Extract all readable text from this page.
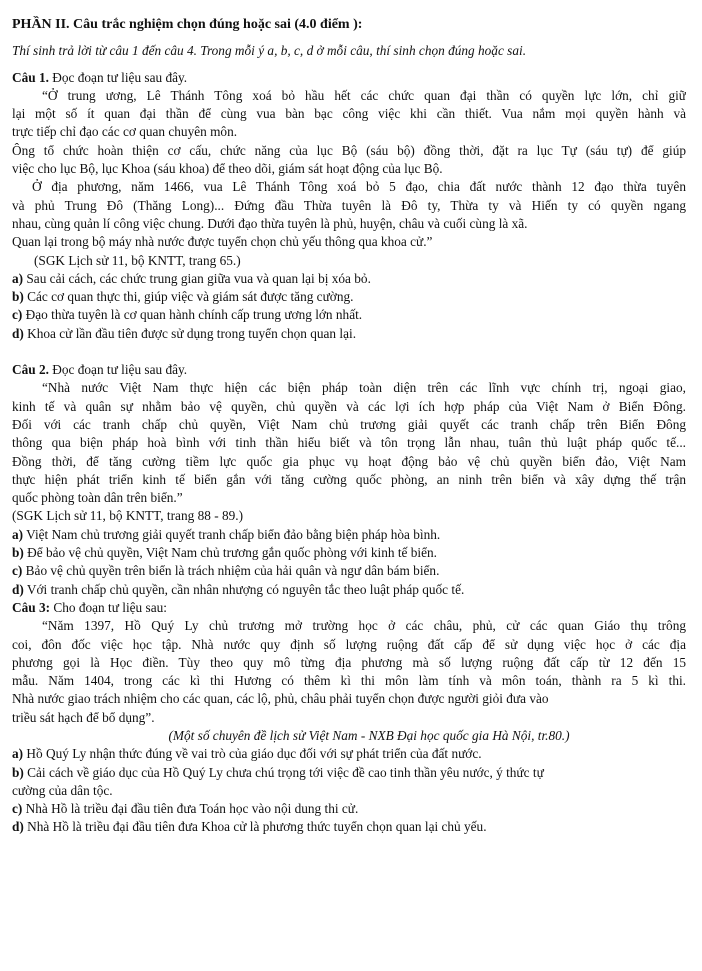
PHẦN II. Câu trắc nghiệm chọn đúng hoặc sai (4.0 điểm ):
Thí sinh trả lời từ câu 1 đến câu 4. Trong mỗi ý a, b, c, d ở mỗi câu, thí sinh chọn đúng hoặc sai.
Câu 1. Đọc đoạn tư liệu sau đây.
“Ở trung ương, Lê Thánh Tông xoá bỏ hầu hết các chức quan đại thần có quyền lực lớn, chỉ giữ
lại một số ít quan đại thần để cùng vua bàn bạc công việc khi cần thiết. Vua nắm mọi quyền hành và
trực tiếp chỉ đạo các cơ quan chuyên môn.
Ông tổ chức hoàn thiện cơ cấu, chức năng của lục Bộ (sáu bộ) đồng thời, đặt ra lục Tự (sáu tự) để giúp
việc cho lục Bộ, lục Khoa (sáu khoa) để theo dõi, giám sát hoạt động của lục Bộ.
Ở địa phương, năm 1466, vua Lê Thánh Tông xoá bỏ 5 đạo, chia đất nước thành 12 đạo thừa tuyên
và phủ Trung Đô (Thăng Long)... Đứng đầu Thừa tuyên là Đô ty, Thừa ty và Hiến ty có quyền ngang
nhau, cùng quản lí công việc chung. Dưới đạo thừa tuyên là phủ, huyện, châu và cuối cùng là xã.
Quan lại trong bộ máy nhà nước được tuyển chọn chủ yếu thông qua khoa cử.”
(SGK Lịch sử 11, bộ KNTT, trang 65.)
a) Sau cải cách, các chức trung gian giữa vua và quan lại bị xóa bỏ.
b) Các cơ quan thực thi, giúp việc và giám sát được tăng cường.
c) Đạo thừa tuyên là cơ quan hành chính cấp trung ương lớn nhất.
d) Khoa cử lần đầu tiên được sử dụng trong tuyển chọn quan lại.
Câu 2. Đọc đoạn tư liệu sau đây.
“Nhà nước Việt Nam thực hiện các biện pháp toàn diện trên các lĩnh vực chính trị, ngoại giao,
kinh tế và quân sự nhằm bảo vệ quyền, chủ quyền và các lợi ích hợp pháp của Việt Nam ở Biển Đông.
Đối với các tranh chấp chủ quyền, Việt Nam chủ trương giải quyết các tranh chấp trên Biển Đông
thông qua biện pháp hoà bình với tinh thần hiểu biết và tôn trọng lẫn nhau, tuân thủ luật pháp quốc tế...
Đồng thời, để tăng cường tiềm lực quốc gia phục vụ hoạt động bảo vệ chủ quyền biển đảo, Việt Nam
thực hiện phát triển kinh tế biển gắn với tăng cường quốc phòng, an ninh trên biển và xây dựng thế trận
quốc phòng toàn dân trên biển.”
(SGK Lịch sử 11, bộ KNTT, trang 88 - 89.)
a) Việt Nam chủ trương giải quyết tranh chấp biển đảo bằng biện pháp hòa bình.
b) Để bảo vệ chủ quyền, Việt Nam chủ trương gắn quốc phòng với kinh tế biển.
c) Bảo vệ chủ quyền trên biển là trách nhiệm của hải quân và ngư dân bám biển.
d) Với tranh chấp chủ quyền, cần nhân nhượng có nguyên tắc theo luật pháp quốc tế.
Câu 3: Cho đoạn tư liệu sau:
“Năm 1397, Hồ Quý Ly chủ trương mở trường học ở các châu, phủ, cử các quan Giáo thụ trông
coi, đôn đốc việc học tập. Nhà nước quy định số lượng ruộng đất cấp để sử dụng việc học ở các địa
phương gọi là Học điền. Tùy theo quy mô từng địa phương mà số lượng ruộng đất cấp từ 12 đến 15
mẫu. Năm 1404, trong các kì thi Hương có thêm kì thi môn làm tính và môn toán, thành ra 5 kì thi.
Nhà nước giao trách nhiệm cho các quan, các lộ, phủ, châu phải tuyển chọn được người giỏi đưa vào
triều sát hạch để bổ dụng”.
(Một số chuyên đề lịch sử Việt Nam - NXB Đại học quốc gia Hà Nội, tr.80.)
a) Hồ Quý Ly nhận thức đúng về vai trò của giáo dục đối với sự phát triển của đất nước.
b) Cải cách về giáo dục của Hồ Quý Ly chưa chú trọng tới việc đề cao tinh thần yêu nước, ý thức tự
cường của dân tộc.
c) Nhà Hồ là triều đại đầu tiên đưa Toán học vào nội dung thi cử.
d) Nhà Hồ là triều đại đầu tiên đưa Khoa cử là phương thức tuyển chọn quan lại chủ yếu.
